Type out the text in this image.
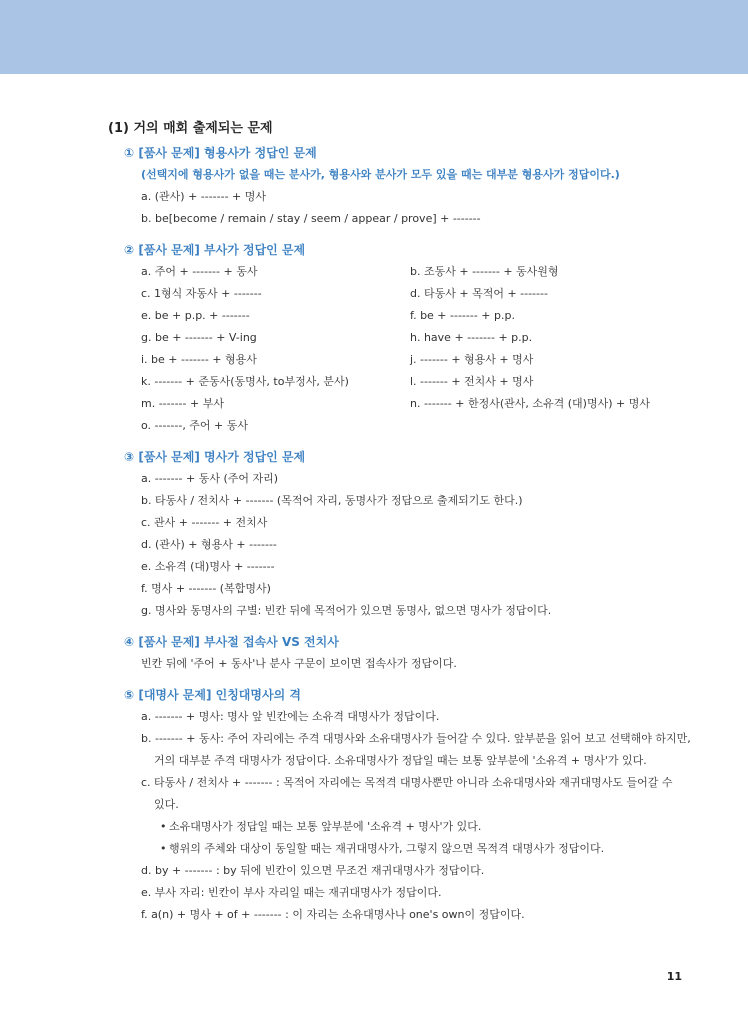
(1) 거의 매회 출제되는 문제
① [품사 문제] 형용사가 정답인 문제
(선택지에 형용사가 없을 때는 분사가, 형용사와 분사가 모두 있을 때는 대부분 형용사가 정답이다.)
a. (관사) + ------- + 명사
b. be[become / remain / stay / seem / appear / prove] + -------
② [품사 문제] 부사가 정답인 문제
a. 주어 + ------- + 동사	b. 조동사 + ------- + 동사원형
c. 1형식 자동사 + -------	d. 타동사 + 목적어 + -------
e. be + p.p. + -------	f. be + ------- + p.p.
g. be + ------- + V-ing	h. have + ------- + p.p.
i. be + ------- + 형용사	j. ------- + 형용사 + 명사
k. ------- + 준동사(동명사, to부정사, 분사)	l. ------- + 전치사 + 명사
m. ------- + 부사	n. ------- + 한정사(관사, 소유격 (대)명사) + 명사
o. -------, 주어 + 동사
③ [품사 문제] 명사가 정답인 문제
a. ------- + 동사 (주어 자리)
b. 타동사 / 전치사 + ------- (목적어 자리, 동명사가 정답으로 출제되기도 한다.)
c. 관사 + ------- + 전치사
d. (관사) + 형용사 + -------
e. 소유격 (대)명사 + -------
f. 명사 + ------- (복합명사)
g. 명사와 동명사의 구별: 빈칸 뒤에 목적어가 있으면 동명사, 없으면 명사가 정답이다.
④ [품사 문제] 부사절 접속사 VS 전치사
빈칸 뒤에 '주어 + 동사'나 분사 구문이 보이면 접속사가 정답이다.
⑤ [대명사 문제] 인칭대명사의 격
a. ------- + 명사: 명사 앞 빈칸에는 소유격 대명사가 정답이다.
b. ------- + 동사: 주어 자리에는 주격 대명사와 소유대명사가 들어갈 수 있다. 앞부분을 읽어 보고 선택해야 하지만, 거의 대부분 주격 대명사가 정답이다. 소유대명사가 정답일 때는 보통 앞부분에 '소유격 + 명사'가 있다.
c. 타동사 / 전치사 + ------- : 목적어 자리에는 목적격 대명사뿐만 아니라 소유대명사와 재귀대명사도 들어갈 수 있다.
• 소유대명사가 정답일 때는 보통 앞부분에 '소유격 + 명사'가 있다.
• 행위의 주체와 대상이 동일할 때는 재귀대명사가, 그렇지 않으면 목적격 대명사가 정답이다.
d. by + ------- : by 뒤에 빈칸이 있으면 무조건 재귀대명사가 정답이다.
e. 부사 자리: 빈칸이 부사 자리일 때는 재귀대명사가 정답이다.
f. a(n) + 명사 + of + ------- : 이 자리는 소유대명사나 one's own이 정답이다.
11
